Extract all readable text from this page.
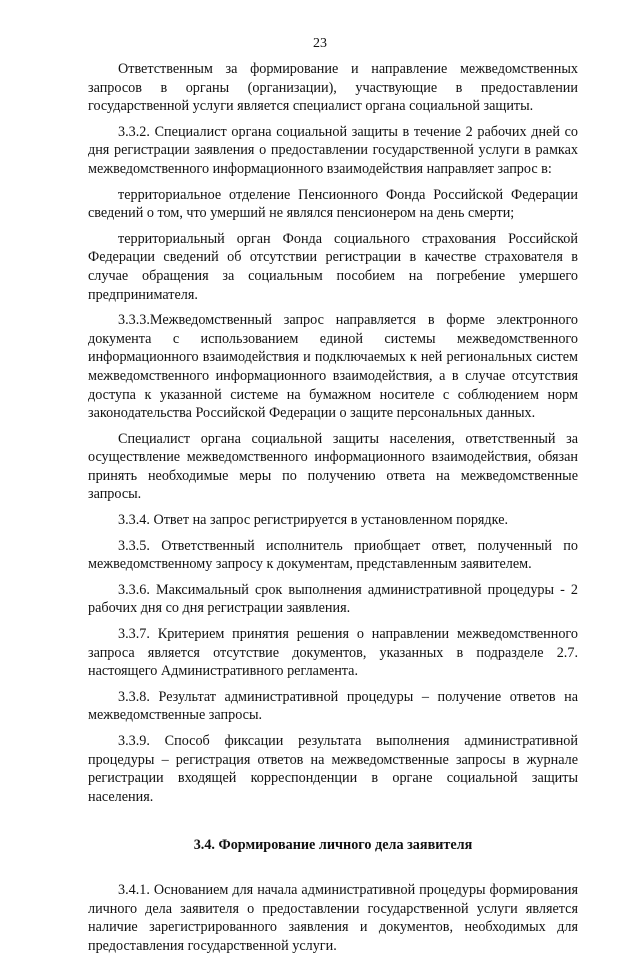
23

Ответственным за формирование и направление межведомственных запросов в органы (организации), участвующие в предоставлении государственной услуги является специалист органа социальной защиты.

3.3.2. Специалист органа социальной защиты в течение 2 рабочих дней со дня регистрации заявления о предоставлении государственной услуги в рамках межведомственного информационного взаимодействия направляет запрос в:

территориальное отделение Пенсионного Фонда Российской Федерации сведений о том, что умерший не являлся пенсионером на день смерти;

территориальный орган Фонда социального страхования Российской Федерации сведений об отсутствии регистрации в качестве страхователя в случае обращения за социальным пособием на погребение умершего предпринимателя.

3.3.3.Межведомственный запрос направляется в форме электронного документа с использованием единой системы межведомственного информационного взаимодействия и подключаемых к ней региональных систем межведомственного информационного взаимодействия, а в случае отсутствия доступа к указанной системе на бумажном носителе с соблюдением норм законодательства Российской Федерации о защите персональных данных.

Специалист органа социальной защиты населения, ответственный за осуществление межведомственного информационного взаимодействия, обязан принять необходимые меры по получению ответа на межведомственные запросы.

3.3.4. Ответ на запрос регистрируется в установленном порядке.

3.3.5. Ответственный исполнитель приобщает ответ, полученный по межведомственному запросу к документам, представленным заявителем.

3.3.6. Максимальный срок выполнения административной процедуры - 2 рабочих дня со дня регистрации заявления.

3.3.7. Критерием принятия решения о направлении межведомственного запроса является отсутствие документов, указанных в подразделе 2.7. настоящего Административного регламента.

3.3.8. Результат административной процедуры – получение ответов на межведомственные запросы.

3.3.9. Способ фиксации результата выполнения административной процедуры – регистрация ответов на межведомственные запросы в журнале регистрации входящей корреспонденции в органе социальной защиты населения.

3.4. Формирование личного дела заявителя

3.4.1. Основанием для начала административной процедуры формирования личного дела заявителя о предоставлении государственной услуги является наличие зарегистрированного заявления и документов, необходимых для предоставления государственной услуги.
